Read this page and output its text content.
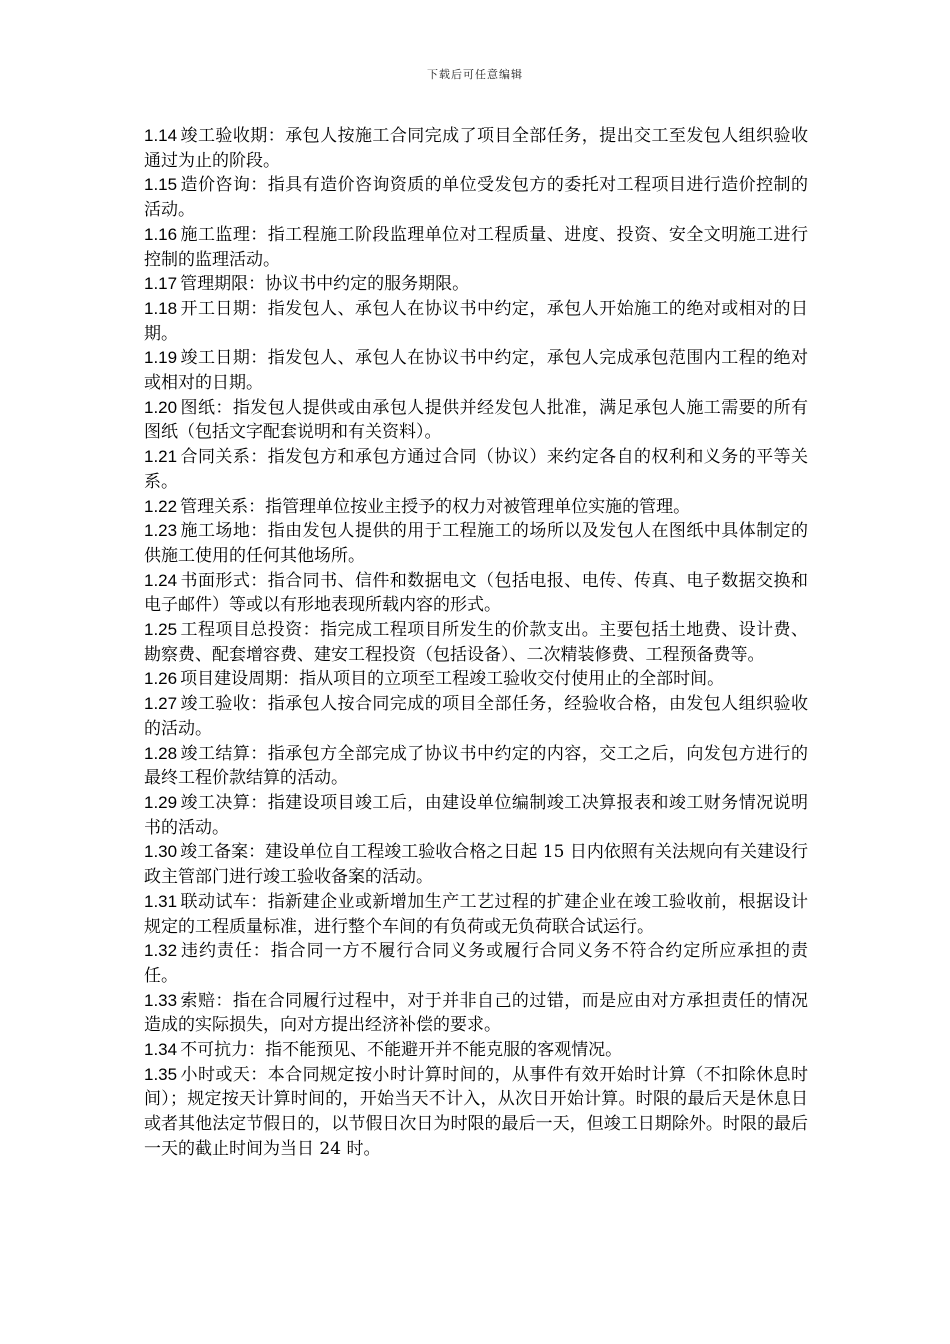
下载后可任意编辑

1.14 竣工验收期：承包人按施工合同完成了项目全部任务，提出交工至发包人组织验收通过为止的阶段。

1.15 造价咨询：指具有造价咨询资质的单位受发包方的委托对工程项目进行造价控制的活动。

1.16 施工监理：指工程施工阶段监理单位对工程质量、进度、投资、安全文明施工进行控制的监理活动。

1.17 管理期限：协议书中约定的服务期限。

1.18 开工日期：指发包人、承包人在协议书中约定，承包人开始施工的绝对或相对的日期。

1.19 竣工日期：指发包人、承包人在协议书中约定，承包人完成承包范围内工程的绝对或相对的日期。

1.20 图纸：指发包人提供或由承包人提供并经发包人批准，满足承包人施工需要的所有图纸（包括文字配套说明和有关资料）。

1.21 合同关系：指发包方和承包方通过合同（协议）来约定各自的权利和义务的平等关系。

1.22 管理关系：指管理单位按业主授予的权力对被管理单位实施的管理。

1.23 施工场地：指由发包人提供的用于工程施工的场所以及发包人在图纸中具体制定的供施工使用的任何其他场所。

1.24 书面形式：指合同书、信件和数据电文（包括电报、电传、传真、电子数据交换和电子邮件）等或以有形地表现所载内容的形式。

1.25 工程项目总投资：指完成工程项目所发生的价款支出。主要包括土地费、设计费、勘察费、配套增容费、建安工程投资（包括设备）、二次精装修费、工程预备费等。

1.26 项目建设周期：指从项目的立项至工程竣工验收交付使用止的全部时间。

1.27 竣工验收：指承包人按合同完成的项目全部任务，经验收合格，由发包人组织验收的活动。

1.28 竣工结算：指承包方全部完成了协议书中约定的内容，交工之后，向发包方进行的最终工程价款结算的活动。

1.29 竣工决算：指建设项目竣工后，由建设单位编制竣工决算报表和竣工财务情况说明书的活动。

1.30 竣工备案：建设单位自工程竣工验收合格之日起 15 日内依照有关法规向有关建设行政主管部门进行竣工验收备案的活动。

1.31 联动试车：指新建企业或新增加生产工艺过程的扩建企业在竣工验收前，根据设计规定的工程质量标准，进行整个车间的有负荷或无负荷联合试运行。

1.32 违约责任：指合同一方不履行合同义务或履行合同义务不符合约定所应承担的责任。

1.33 索赔：指在合同履行过程中，对于并非自己的过错，而是应由对方承担责任的情况造成的实际损失，向对方提出经济补偿的要求。

1.34 不可抗力：指不能预见、不能避开并不能克服的客观情况。

1.35 小时或天：本合同规定按小时计算时间的，从事件有效开始时计算（不扣除休息时间）；规定按天计算时间的，开始当天不计入，从次日开始计算。时限的最后天是休息日或者其他法定节假日的，以节假日次日为时限的最后一天，但竣工日期除外。时限的最后一天的截止时间为当日 24 时。
